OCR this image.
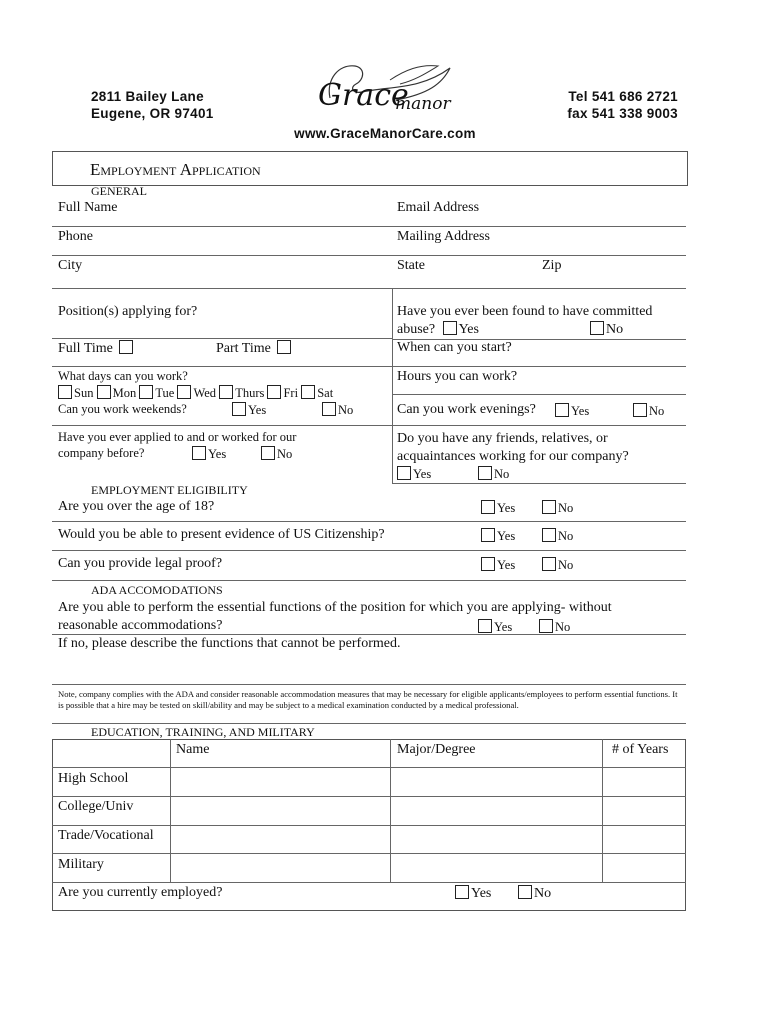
2811 Bailey Lane
Eugene, OR 97401
Tel 541 686 2721
fax 541 338 9003
Grace
manor
www.GraceManorCare.com
Employment Application
GENERAL
Full Name	Email Address
Phone	Mailing Address
City	State	Zip
Position(s) applying for?	Have you ever been found to have committed
abuse? Yes	No
Full Time	Part Time	When can you start?
What days can you work?
Sun Mon Tue Wed Thurs Fri Sat
Can you work weekends?	Yes	No
Hours you can work?
Can you work evenings?	Yes	No
Have you ever applied to and or worked for our
company before?	Yes	No
Do you have any friends, relatives, or
acquaintances working for our company?
Yes	No
EMPLOYMENT ELIGIBILITY
Are you over the age of 18?	Yes	No
Would you be able to present evidence of US Citizenship?	Yes	No
Can you provide legal proof?	Yes	No
ADA ACCOMODATIONS
Are you able to perform the essential functions of the position for which you are applying- without
reasonable accommodations?	Yes	No
If no, please describe the functions that cannot be performed.
Note, company complies with the ADA and consider reasonable accommodation measures that may be necessary for eligible applicants/employees to perform essential functions. It is possible that a hire may be tested on skill/ability and may be subject to a medical examination conducted by a medical professional.
EDUCATION, TRAINING, AND MILITARY
Name	Major/Degree	# of Years
High School
College/Univ
Trade/Vocational
Military
Are you currently employed?	Yes	No
